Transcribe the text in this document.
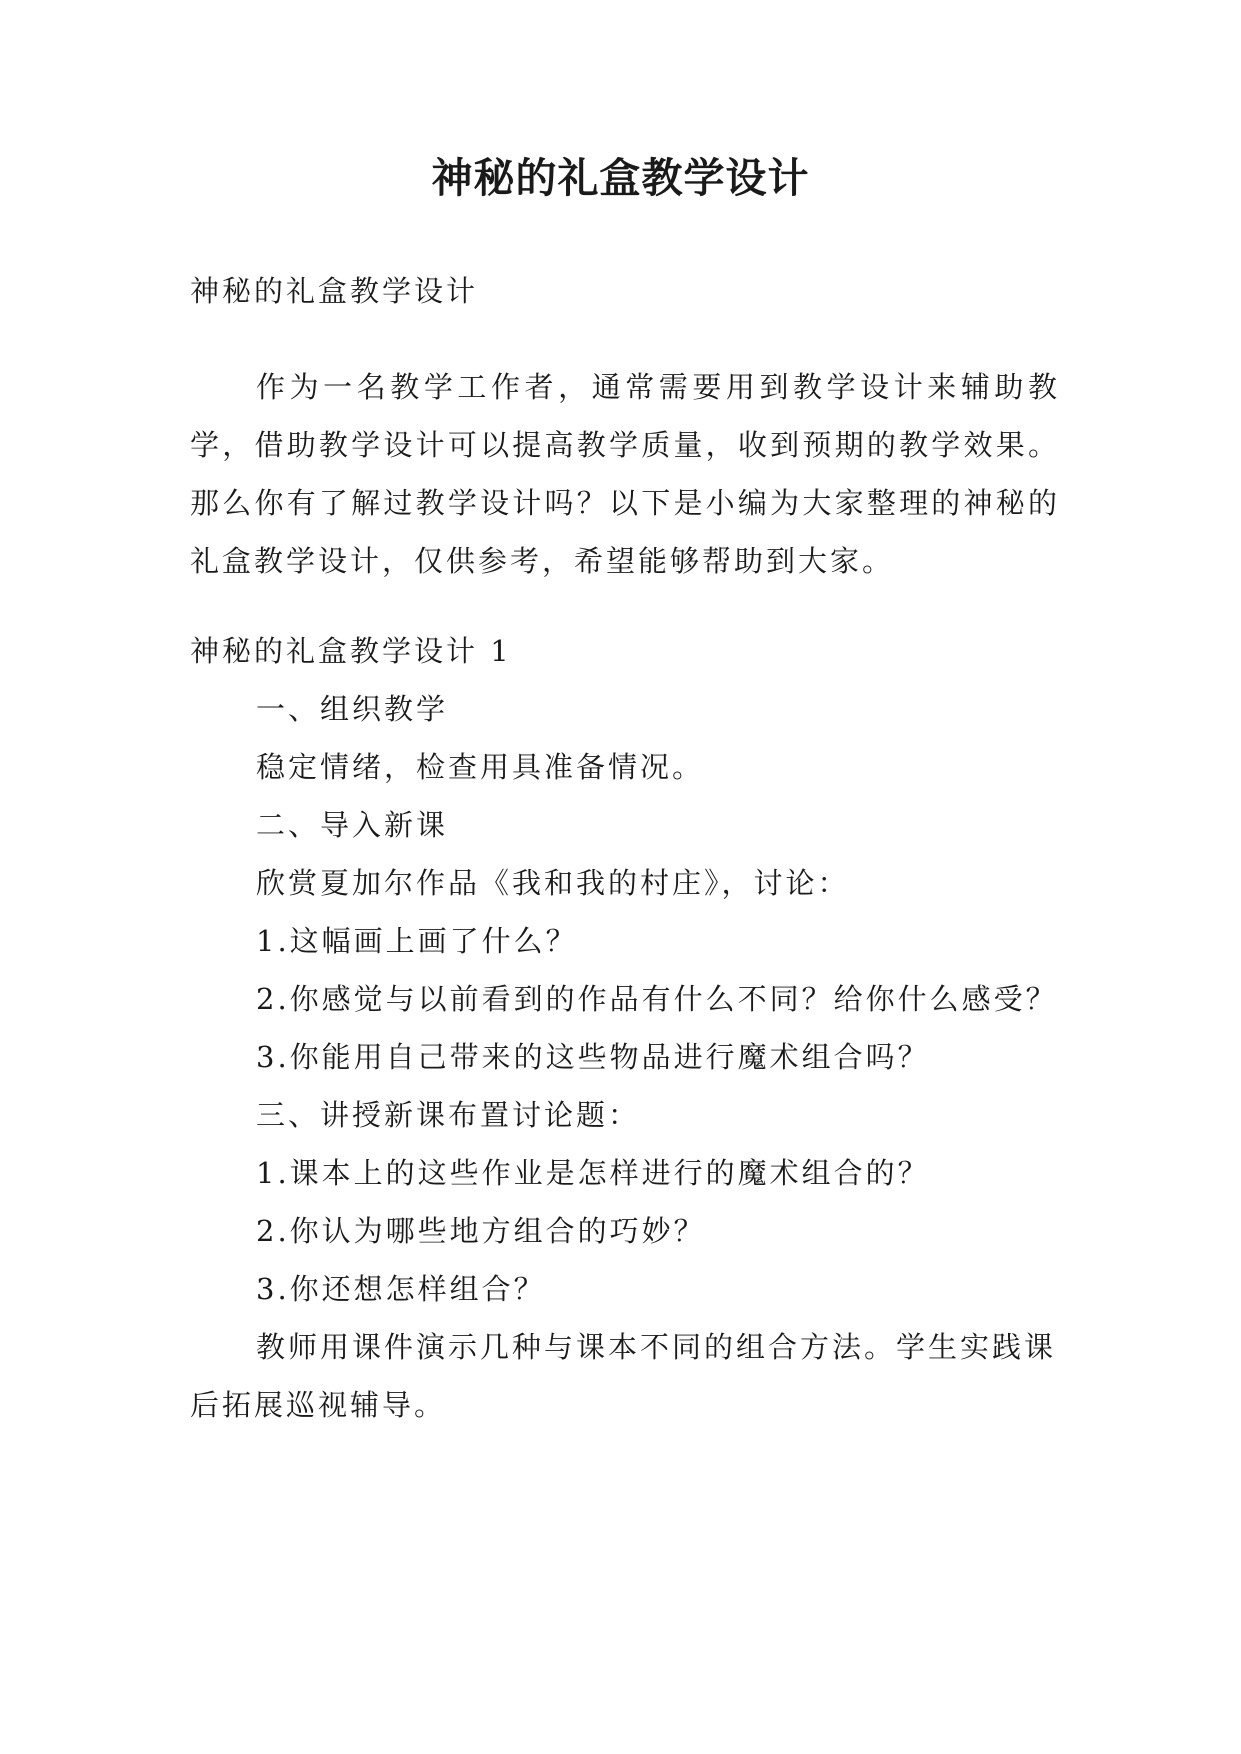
神秘的礼盒教学设计

神秘的礼盒教学设计

作为一名教学工作者，通常需要用到教学设计来辅助教学，借助教学设计可以提高教学质量，收到预期的教学效果。那么你有了解过教学设计吗？以下是小编为大家整理的神秘的礼盒教学设计，仅供参考，希望能够帮助到大家。

神秘的礼盒教学设计 1

一、组织教学

稳定情绪，检查用具准备情况。

二、导入新课

欣赏夏加尔作品《我和我的村庄》，讨论：

1.这幅画上画了什么？

2.你感觉与以前看到的作品有什么不同？给你什么感受？

3.你能用自己带来的这些物品进行魔术组合吗？

三、讲授新课布置讨论题：

1.课本上的这些作业是怎样进行的魔术组合的？

2.你认为哪些地方组合的巧妙？

3.你还想怎样组合？

教师用课件演示几种与课本不同的组合方法。学生实践课后拓展巡视辅导。
